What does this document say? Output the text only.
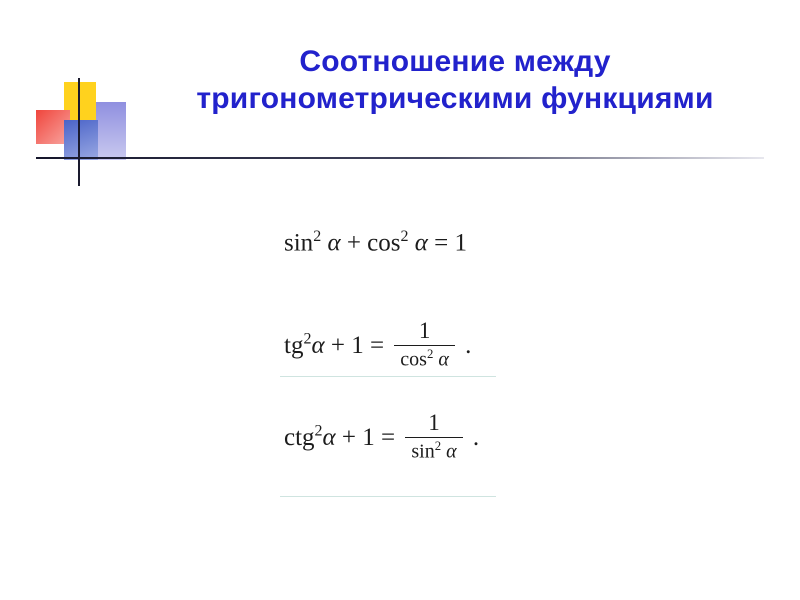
Соотношение между тригонометрическими функциями
$\sin^2 \alpha + \cos^2 \alpha = 1$
$tg^2\alpha + 1 = \frac{1}{\cos^2 \alpha}$ .
$ctg^2\alpha + 1 = \frac{1}{\sin^2 \alpha}$ .
